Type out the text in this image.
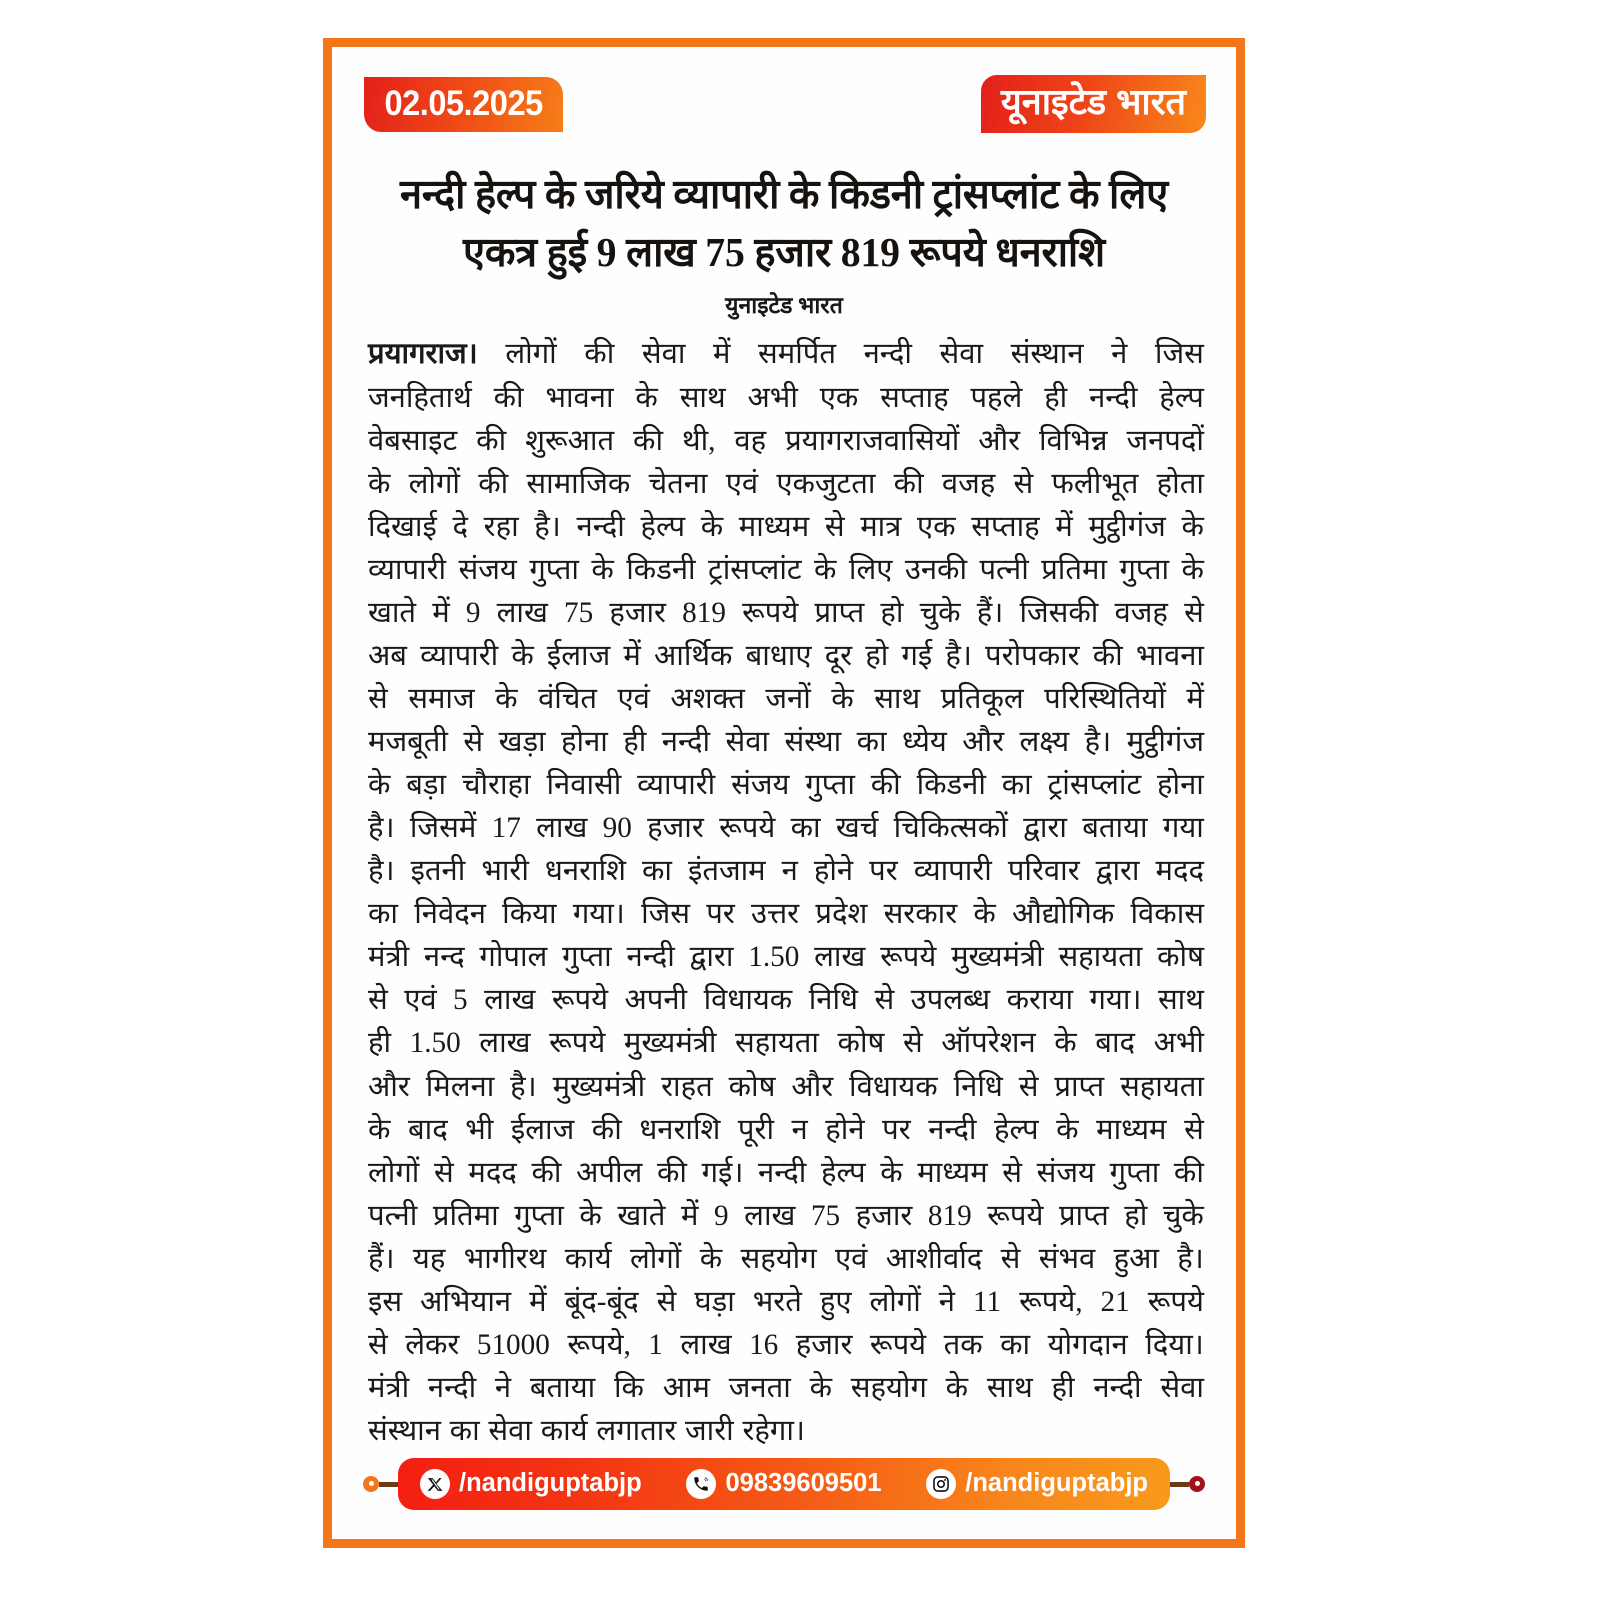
02.05.2025	यूनाइटेड भारत
नन्दी हेल्प के जरिये व्यापारी के किडनी ट्रांसप्लांट के लिए
एकत्र हुई 9 लाख 75 हजार 819 रूपये धनराशि
युनाइटेड भारत
प्रयागराज। लोगों की सेवा में समर्पित नन्दी सेवा संस्थान ने जिस
जनहितार्थ की भावना के साथ अभी एक सप्ताह पहले ही नन्दी हेल्प
वेबसाइट की शुरूआत की थी, वह प्रयागराजवासियों और विभिन्न जनपदों
के लोगों की सामाजिक चेतना एवं एकजुटता की वजह से फलीभूत होता
दिखाई दे रहा है। नन्दी हेल्प के माध्यम से मात्र एक सप्ताह में मुट्ठीगंज के
व्यापारी संजय गुप्ता के किडनी ट्रांसप्लांट के लिए उनकी पत्नी प्रतिमा गुप्ता के
खाते में 9 लाख 75 हजार 819 रूपये प्राप्त हो चुके हैं। जिसकी वजह से
अब व्यापारी के ईलाज में आर्थिक बाधाए दूर हो गई है। परोपकार की भावना
से समाज के वंचित एवं अशक्त जनों के साथ प्रतिकूल परिस्थितियों में
मजबूती से खड़ा होना ही नन्दी सेवा संस्था का ध्येय और लक्ष्य है। मुट्ठीगंज
के बड़ा चौराहा निवासी व्यापारी संजय गुप्ता की किडनी का ट्रांसप्लांट होना
है। जिसमें 17 लाख 90 हजार रूपये का खर्च चिकित्सकों द्वारा बताया गया
है। इतनी भारी धनराशि का इंतजाम न होने पर व्यापारी परिवार द्वारा मदद
का निवेदन किया गया। जिस पर उत्तर प्रदेश सरकार के औद्योगिक विकास
मंत्री नन्द गोपाल गुप्ता नन्दी द्वारा 1.50 लाख रूपये मुख्यमंत्री सहायता कोष
से एवं 5 लाख रूपये अपनी विधायक निधि से उपलब्ध कराया गया। साथ
ही 1.50 लाख रूपये मुख्यमंत्री सहायता कोष से ऑपरेशन के बाद अभी
और मिलना है। मुख्यमंत्री राहत कोष और विधायक निधि से प्राप्त सहायता
के बाद भी ईलाज की धनराशि पूरी न होने पर नन्दी हेल्प के माध्यम से
लोगों से मदद की अपील की गई। नन्दी हेल्प के माध्यम से संजय गुप्ता की
पत्नी प्रतिमा गुप्ता के खाते में 9 लाख 75 हजार 819 रूपये प्राप्त हो चुके
हैं। यह भागीरथ कार्य लोगों के सहयोग एवं आशीर्वाद से संभव हुआ है।
इस अभियान में बूंद-बूंद से घड़ा भरते हुए लोगों ने 11 रूपये, 21 रूपये
से लेकर 51000 रूपये, 1 लाख 16 हजार रूपये तक का योगदान दिया।
मंत्री नन्दी ने बताया कि आम जनता के सहयोग के साथ ही नन्दी सेवा
संस्थान का सेवा कार्य लगातार जारी रहेगा।
/nandiguptabjp	09839609501	/nandiguptabjp
